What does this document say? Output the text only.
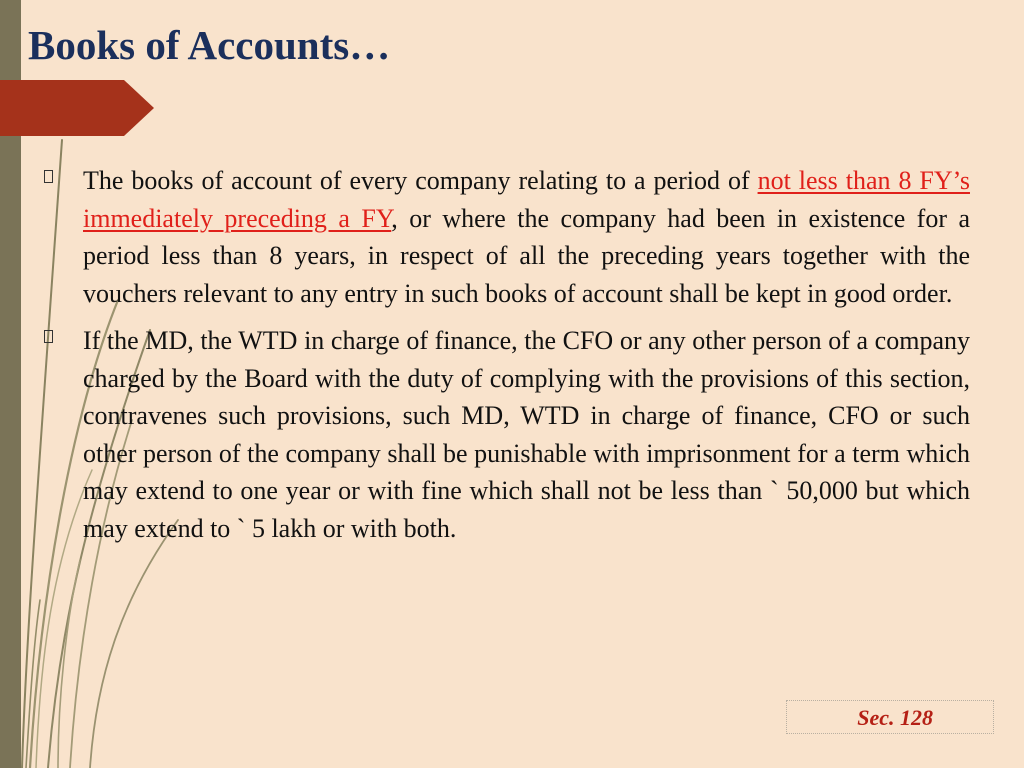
Books of Accounts…

The books of account of every company relating to a period of not less than 8 FY’s immediately preceding a FY, or where the company had been in existence for a period less than 8 years, in respect of all the preceding years together with the vouchers relevant to any entry in such books of account shall be kept in good order.

If the MD, the WTD in charge of finance, the CFO or any other person of a company charged by the Board with the duty of complying with the provisions of this section, contravenes such provisions, such MD, WTD in charge of finance, CFO or such other person of the company shall be punishable with imprisonment for a term which may extend to one year or with fine which shall not be less than ` 50,000 but which may extend to ` 5 lakh or with both.

Sec. 128
